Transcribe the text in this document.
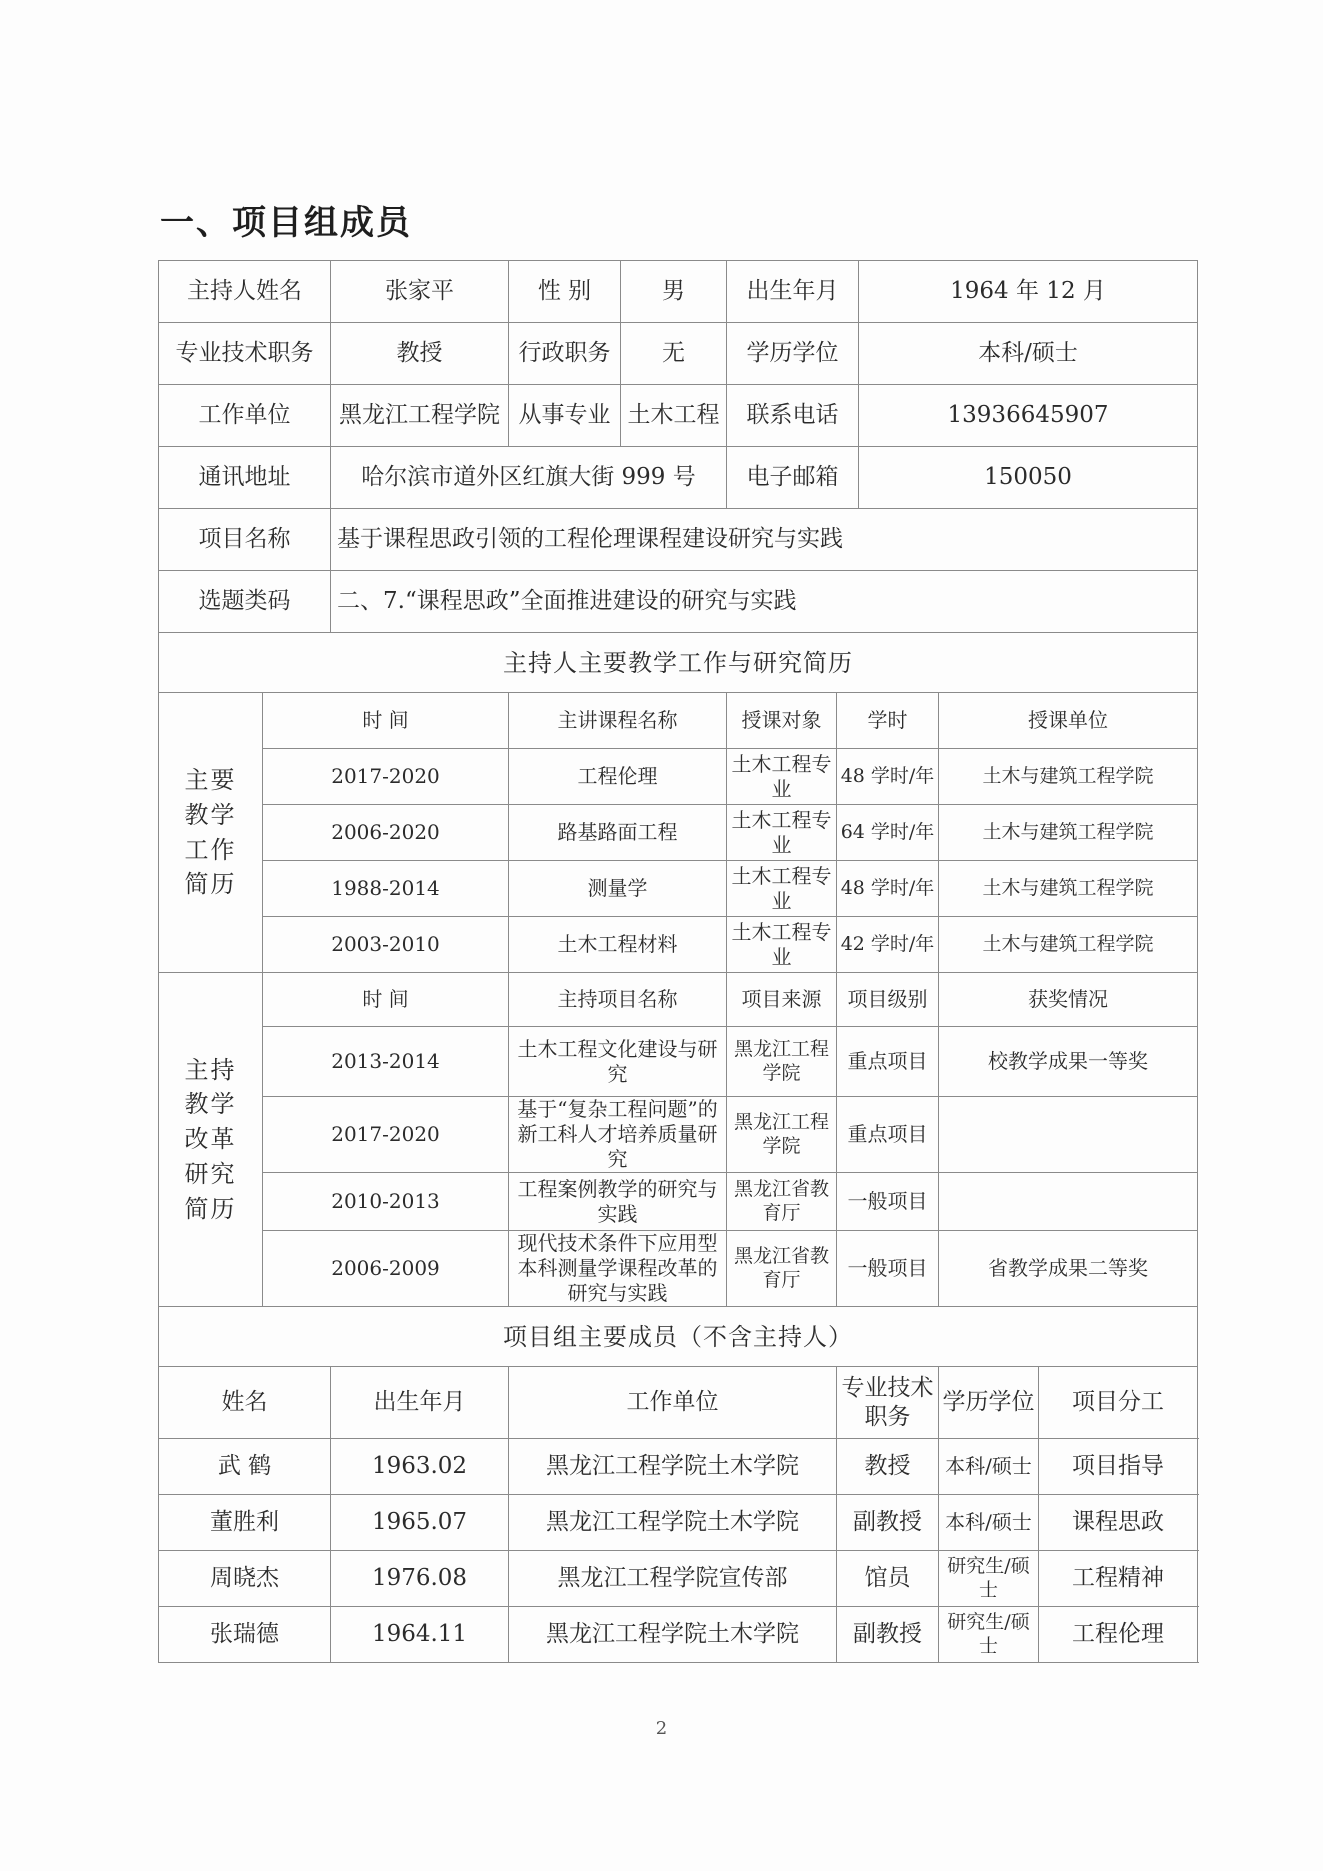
一、项目组成员
主持人姓名		张家平	性 别	男	出生年月		1964 年 12 月		
专业技术职务		教授	行政职务	无	学历学位		本科/硕士		
工作单位		黑龙江工程学院	从事专业	土木工程	联系电话		13936645907		
通讯地址		哈尔滨市道外区红旗大街 999 号			电子邮箱		150050		
项目名称		基于课程思政引领的工程伦理课程建设研究与实践							
选题类码		二、7.“课程思政”全面推进建设的研究与实践							
主持人主要教学工作与研究简历									
主要
教学
工作
简历	时 间		主讲课程名称		授课对象	学时		授课单位	
	2017-2020		工程伦理		土木工程专业	48 学时/年		土木与建筑工程学院	
	2006-2020		路基路面工程		土木工程专业	64 学时/年		土木与建筑工程学院	
	1988-2014		测量学		土木工程专业	48 学时/年		土木与建筑工程学院	
	2003-2010		土木工程材料		土木工程专业	42 学时/年		土木与建筑工程学院	
主持
教学
改革
研究
简历	时 间		主持项目名称		项目来源	项目级别		获奖情况	
	2013-2014		土木工程文化建设与研究		黑龙江工程学院	重点项目		校教学成果一等奖	
	2017-2020		基于“复杂工程问题”的新工科人才培养质量研究		黑龙江工程学院	重点项目			
	2010-2013		工程案例教学的研究与实践		黑龙江省教育厅	一般项目			
	2006-2009		现代技术条件下应用型本科测量学课程改革的研究与实践		黑龙江省教育厅	一般项目		省教学成果二等奖	
项目组主要成员（不含主持人）									
姓名		出生年月	工作单位			专业技术职务		学历学位	项目分工
武 鹤		1963.02	黑龙江工程学院土木学院			教授		本科/硕士	项目指导
董胜利		1965.07	黑龙江工程学院土木学院			副教授		本科/硕士	课程思政
周晓杰		1976.08	黑龙江工程学院宣传部			馆员		研究生/硕士	工程精神
张瑞德		1964.11	黑龙江工程学院土木学院			副教授		研究生/硕士	工程伦理
2
